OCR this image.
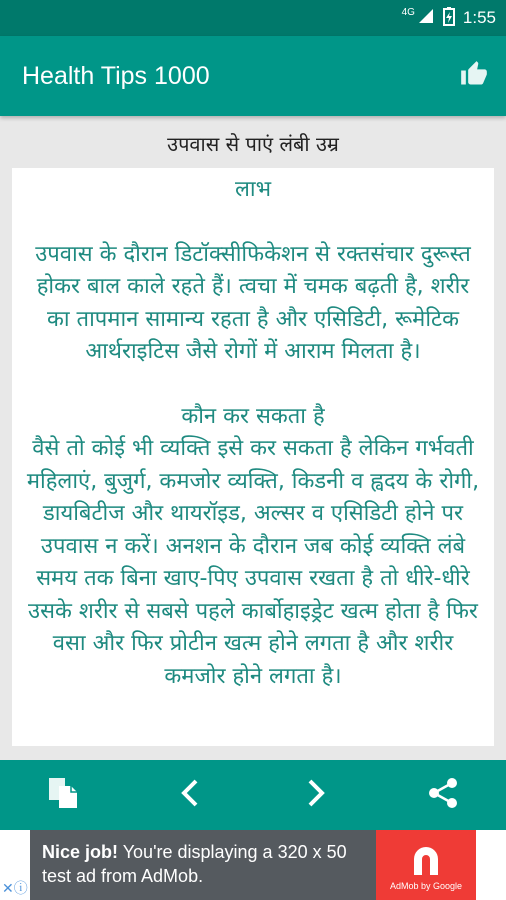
4G	1:55
Health Tips 1000
उपवास से पाएं लंबी उम्र

लाभ

उपवास के दौरान डिटॉक्सीफिकेशन से रक्तसंचार दुरूस्त होकर बाल काले रहते हैं। त्वचा में चमक बढ़ती है, शरीर का तापमान सामान्य रहता है और एसिडिटी, रूमेटिक आर्थराइटिस जैसे रोगों में आराम मिलता है।

कौन कर सकता है

वैसे तो कोई भी व्यक्ति इसे कर सकता है लेकिन गर्भवती महिलाएं, बुजुर्ग, कमजोर व्यक्ति, किडनी व ह्वदय के रोगी, डायबिटीज और थायरॉइड, अल्सर व एसिडिटी होने पर उपवास न करें। अनशन के दौरान जब कोई व्यक्ति लंबे समय तक बिना खाए-पिए उपवास रखता है तो धीरे-धीरे उसके शरीर से सबसे पहले कार्बोहाइड्रेट खत्म होता है फिर वसा और फिर प्रोटीन खत्म होने लगता है और शरीर कमजोर होने लगता है।

Nice job! You're displaying a 320 x 50 test ad from AdMob.	AdMob by Google
✕ⓘ
